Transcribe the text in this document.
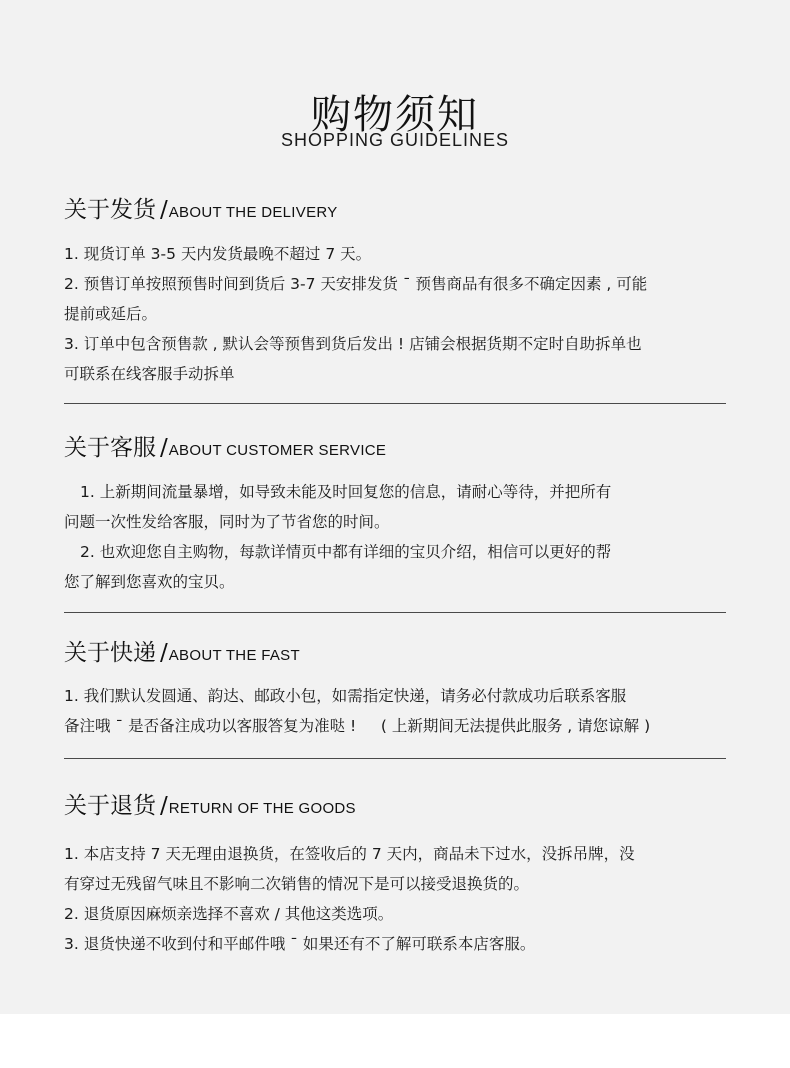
购物须知
SHOPPING GUIDELINES
关于发货 /ABOUT THE DELIVERY

1. 现货订单 3-5 天内发货最晚不超过 7 天。

2. 预售订单按照预售时间到货后 3-7 天安排发货 ˉ 预售商品有很多不确定因素 , 可能

提前或延后。

3. 订单中包含预售款 , 默认会等预售到货后发出 ! 店铺会根据货期不定时自助拆单也

可联系在线客服手动拆单

关于客服 /ABOUT CUSTOMER SERVICE

1. 上新期间流量暴增，如导致未能及时回复您的信息，请耐心等待，并把所有

问题一次性发给客服，同时为了节省您的时间。

2. 也欢迎您自主购物，每款详情页中都有详细的宝贝介绍，相信可以更好的帮

您了解到您喜欢的宝贝。

关于快递 /ABOUT THE FAST

1. 我们默认发圆通、韵达、邮政小包，如需指定快递，请务必付款成功后联系客服

备注哦 ˉ 是否备注成功以客服答复为准哒 !     ( 上新期间无法提供此服务 , 请您谅解 )

关于退货 /RETURN OF THE GOODS

1. 本店支持 7 天无理由退换货，在签收后的 7 天内，商品未下过水，没拆吊牌，没

有穿过无残留气味且不影响二次销售的情况下是可以接受退换货的。

2. 退货原因麻烦亲选择不喜欢 / 其他这类选项。

3. 退货快递不收到付和平邮件哦 ˉ 如果还有不了解可联系本店客服。
